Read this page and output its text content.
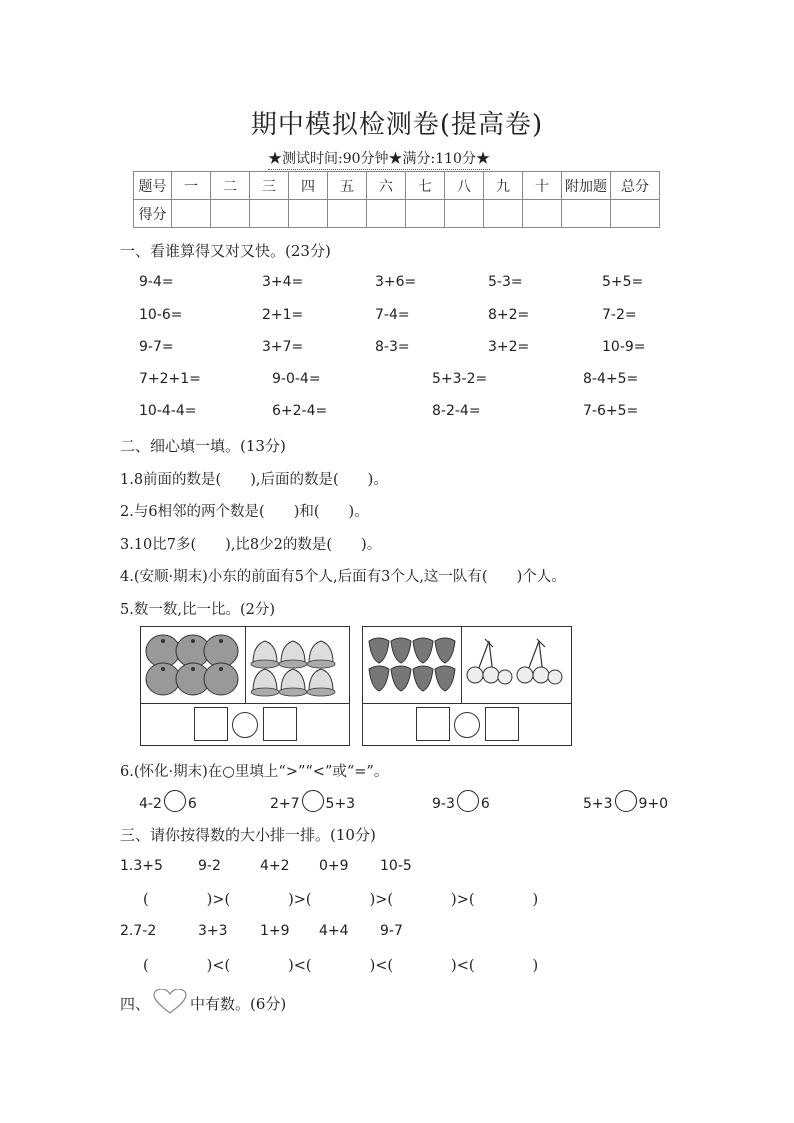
期中模拟检测卷(提高卷)
★测试时间:90分钟★满分:110分★
题号	一	二	三	四	五	六	七	八	九	十	附加题	总分
得分												
一、看谁算得又对又快。(23分)
9-4=	3+4=	3+6=	5-3=	5+5=
10-6=	2+1=	7-4=	8+2=	7-2=
9-7=	3+7=	8-3=	3+2=	10-9=
7+2+1=	9-0-4=	5+3-2=	8-4+5=
10-4-4=	6+2-4=	8-2-4=	7-6+5=
二、细心填一填。(13分)
1.8前面的数是(　　),后面的数是(　　)。
2.与6相邻的两个数是(　　)和(　　)。
3.10比7多(　　),比8少2的数是(　　)。
4.(安顺·期末)小东的前面有5个人,后面有3个人,这一队有(　　)个人。
5.数一数,比一比。(2分)
6.(怀化·期末)在○里填上“>”“<”或“=”。
4-2 6	2+7 5+3	9-3 6	5+3 9+0
三、请你按得数的大小排一排。(10分)
1.3+5	9-2	4+2 0+9 10-5
(　　　　)>(　　　　)>(　　　　)>(　　　　)>(　　　　)
2.7-2	3+3 1+9 4+4 9-7
(　　　　)<(　　　　)<(　　　　)<(　　　　)<(　　　　)
四、	中有数。(6分)
